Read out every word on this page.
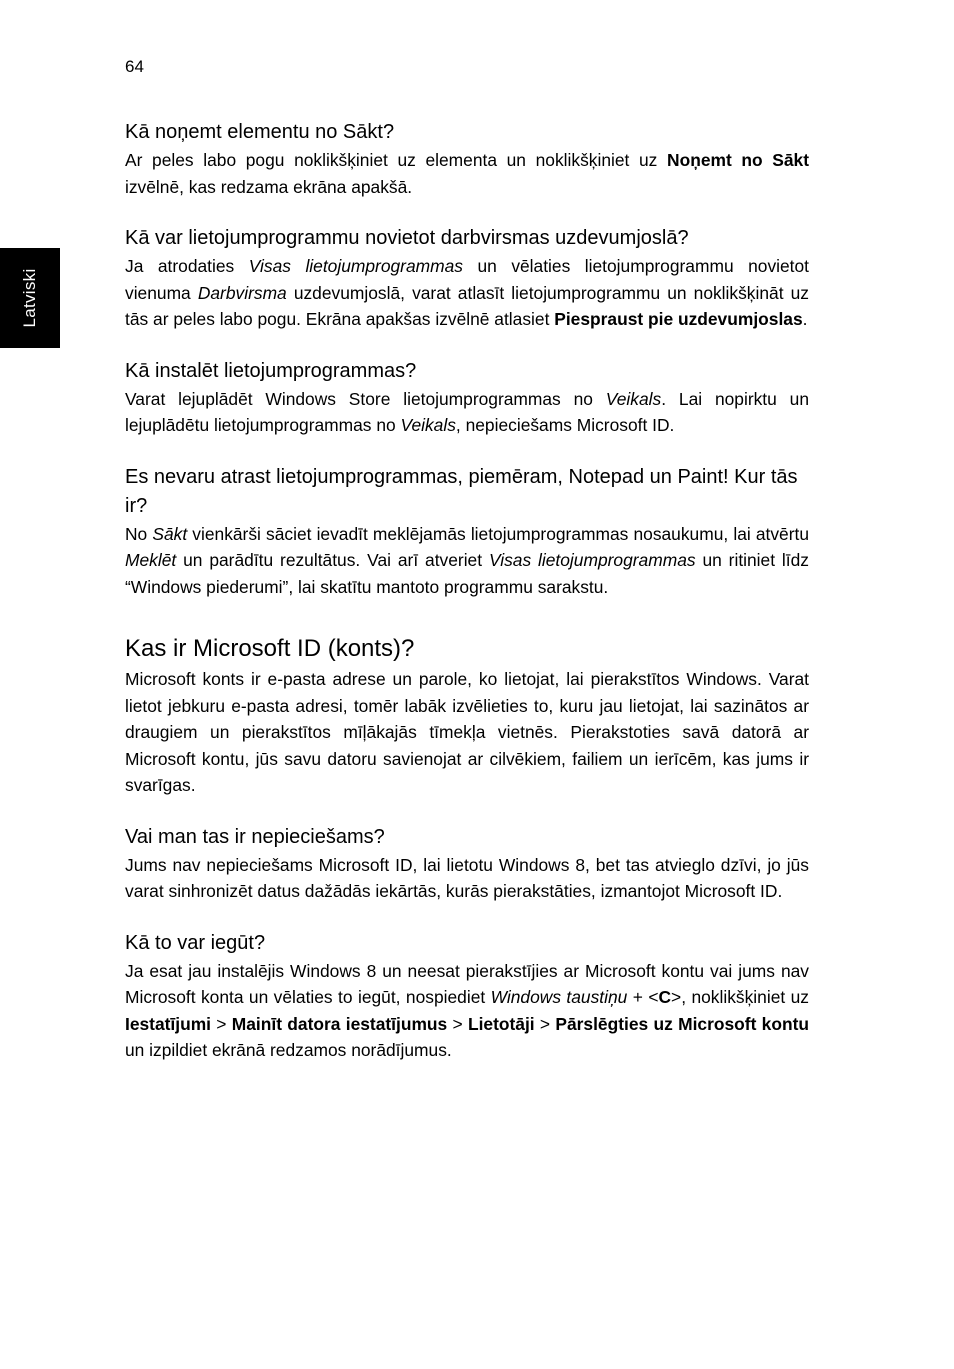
64
Latviski
Kā noņemt elementu no Sākt?
Ar peles labo pogu noklikšķiniet uz elementa un noklikšķiniet uz Noņemt no Sākt izvēlnē, kas redzama ekrāna apakšā.
Kā var lietojumprogrammu novietot darbvirsmas uzdevumjoslā?
Ja atrodaties Visas lietojumprogrammas un vēlaties lietojumprogrammu novietot vienuma Darbvirsma uzdevumjoslā, varat atlasīt lietojumprogrammu un noklikšķināt uz tās ar peles labo pogu. Ekrāna apakšas izvēlnē atlasiet Piespraust pie uzdevumjoslas.
Kā instalēt lietojumprogrammas?
Varat lejuplādēt Windows Store lietojumprogrammas no Veikals. Lai nopirktu un lejuplādētu lietojumprogrammas no Veikals, nepieciešams Microsoft ID.
Es nevaru atrast lietojumprogrammas, piemēram, Notepad un Paint! Kur tās ir?
No Sākt vienkārši sāciet ievadīt meklējamās lietojumprogrammas nosaukumu, lai atvērtu Meklēt un parādītu rezultātus. Vai arī atveriet Visas lietojumprogrammas un ritiniet līdz “Windows piederumi”, lai skatītu mantoto programmu sarakstu.
Kas ir Microsoft ID (konts)?
Microsoft konts ir e-pasta adrese un parole, ko lietojat, lai pierakstītos Windows. Varat lietot jebkuru e-pasta adresi, tomēr labāk izvēlieties to, kuru jau lietojat, lai sazinātos ar draugiem un pierakstītos mīļākajās tīmekļa vietnēs. Pierakstoties savā datorā ar Microsoft kontu, jūs savu datoru savienojat ar cilvēkiem, failiem un ierīcēm, kas jums ir svarīgas.
Vai man tas ir nepieciešams?
Jums nav nepieciešams Microsoft ID, lai lietotu Windows 8, bet tas atvieglo dzīvi, jo jūs varat sinhronizēt datus dažādās iekārtās, kurās pierakstāties, izmantojot Microsoft ID.
Kā to var iegūt?
Ja esat jau instalējis Windows 8 un neesat pierakstījies ar Microsoft kontu vai jums nav Microsoft konta un vēlaties to iegūt, nospiediet Windows taustiņu + <C>, noklikšķiniet uz Iestatījumi > Mainīt datora iestatījumus > Lietotāji > Pārslēgties uz Microsoft kontu un izpildiet ekrānā redzamos norādījumus.
